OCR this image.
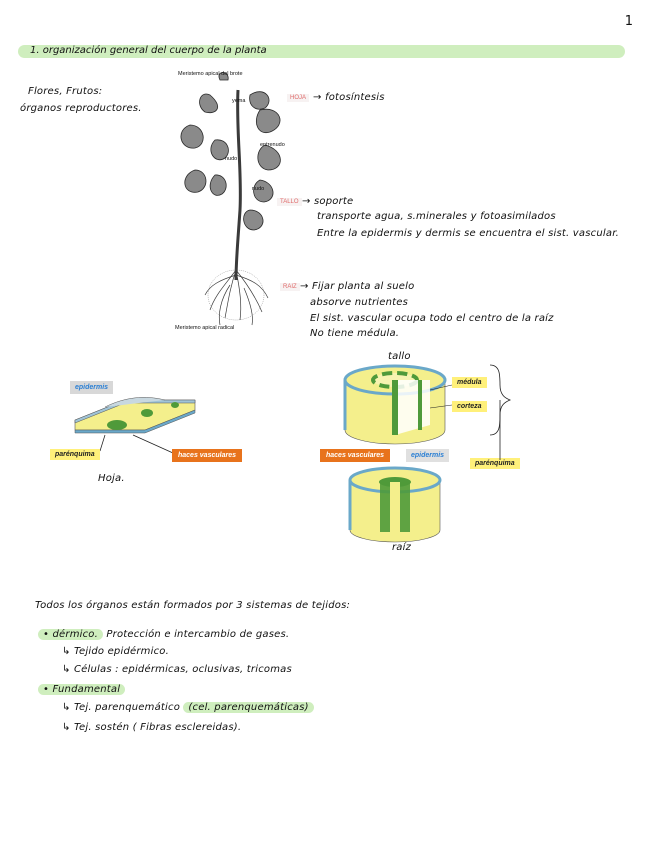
1
1. organización general del cuerpo de la planta
Flores, Frutos:
órganos reproductores.
Meristemo apical del brote
yema
entrenudo
nudo
nudo
Meristemo apical radical
HOJA → fotosíntesis
TALLO → soporte
transporte agua, s.minerales y fotoasimilados
Entre la epidermis y dermis se encuentra el sist. vascular.
RAIZ → Fijar planta al suelo
absorve nutrientes
El sist. vascular ocupa todo el centro de la raíz
No tiene médula.
epidermis
parénquima	haces vasculares
Hoja.
tallo
médula
corteza
haces vasculares	epidermis
parénquima
raíz
Todos los órganos están formados por 3 sistemas de tejidos:
• dérmico. Protección e intercambio de gases.
↳ Tejido epidérmico.
↳ Células : epidérmicas, oclusivas, tricomas
• Fundamental
↳ Tej. parenquemático (cel. parenquemáticas)
↳ Tej. sostén ( Fibras esclereidas).
